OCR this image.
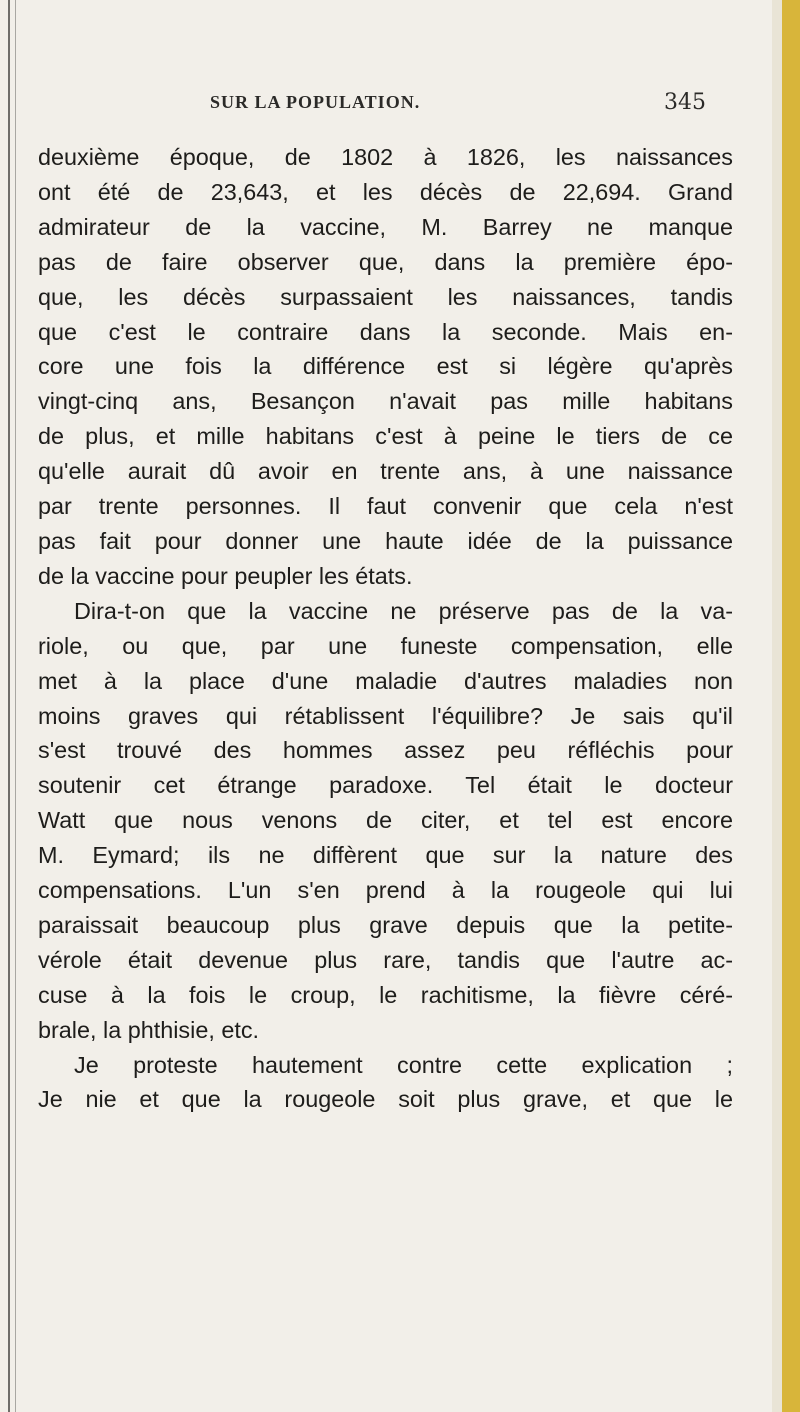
SUR LA POPULATION.	345
deuxième époque, de 1802 à 1826, les naissances
ont été de 23,643, et les décès de 22,694. Grand
admirateur de la vaccine, M. Barrey ne manque
pas de faire observer que, dans la première épo-
que, les décès surpassaient les naissances, tandis
que c'est le contraire dans la seconde. Mais en-
core une fois la différence est si légère qu'après
vingt-cinq ans, Besançon n'avait pas mille habitans
de plus, et mille habitans c'est à peine le tiers de ce
qu'elle aurait dû avoir en trente ans, à une naissance
par trente personnes. Il faut convenir que cela n'est
pas fait pour donner une haute idée de la puissance
de la vaccine pour peupler les états.
Dira-t-on que la vaccine ne préserve pas de la va-
riole, ou que, par une funeste compensation, elle
met à la place d'une maladie d'autres maladies non
moins graves qui rétablissent l'équilibre? Je sais qu'il
s'est trouvé des hommes assez peu réfléchis pour
soutenir cet étrange paradoxe. Tel était le docteur
Watt que nous venons de citer, et tel est encore
M. Eymard; ils ne diffèrent que sur la nature des
compensations. L'un s'en prend à la rougeole qui lui
paraissait beaucoup plus grave depuis que la petite-
vérole était devenue plus rare, tandis que l'autre ac-
cuse à la fois le croup, le rachitisme, la fièvre céré-
brale, la phthisie, etc.
Je proteste hautement contre cette explication ;
Je nie et que la rougeole soit plus grave, et que le
